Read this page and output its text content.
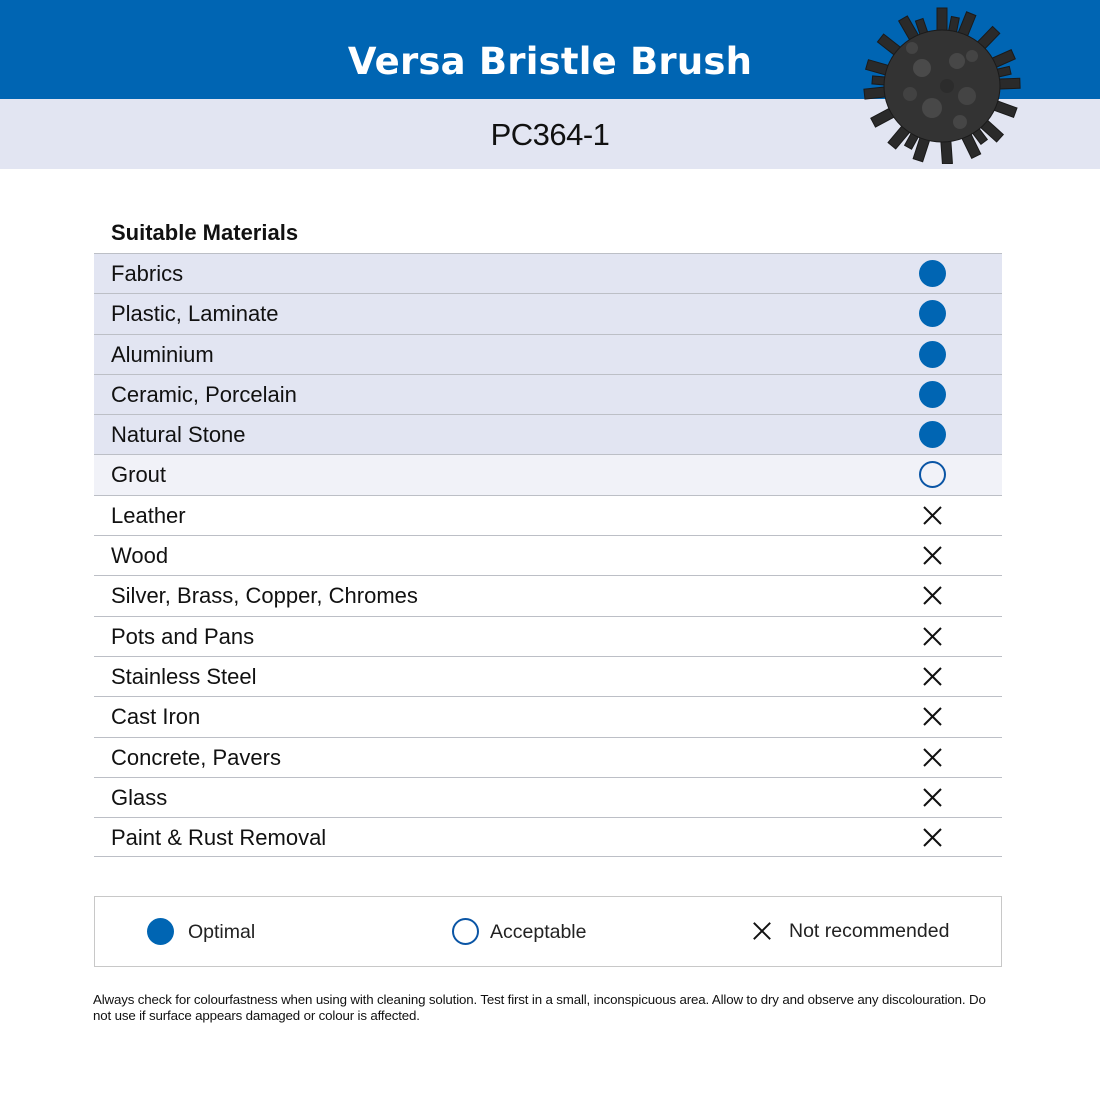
Versa Bristle Brush
PC364-1
Suitable Materials
Fabrics
Plastic, Laminate
Aluminium
Ceramic, Porcelain
Natural Stone
Grout
Leather
Wood
Silver, Brass, Copper, Chromes
Pots and Pans
Stainless Steel
Cast Iron
Concrete, Pavers
Glass
Paint & Rust Removal
Optimal	Acceptable	Not recommended
Always check for colourfastness when using with cleaning solution. Test first in a small, inconspicuous area. Allow to dry and observe any discolouration. Do not use if surface appears damaged or colour is affected.
